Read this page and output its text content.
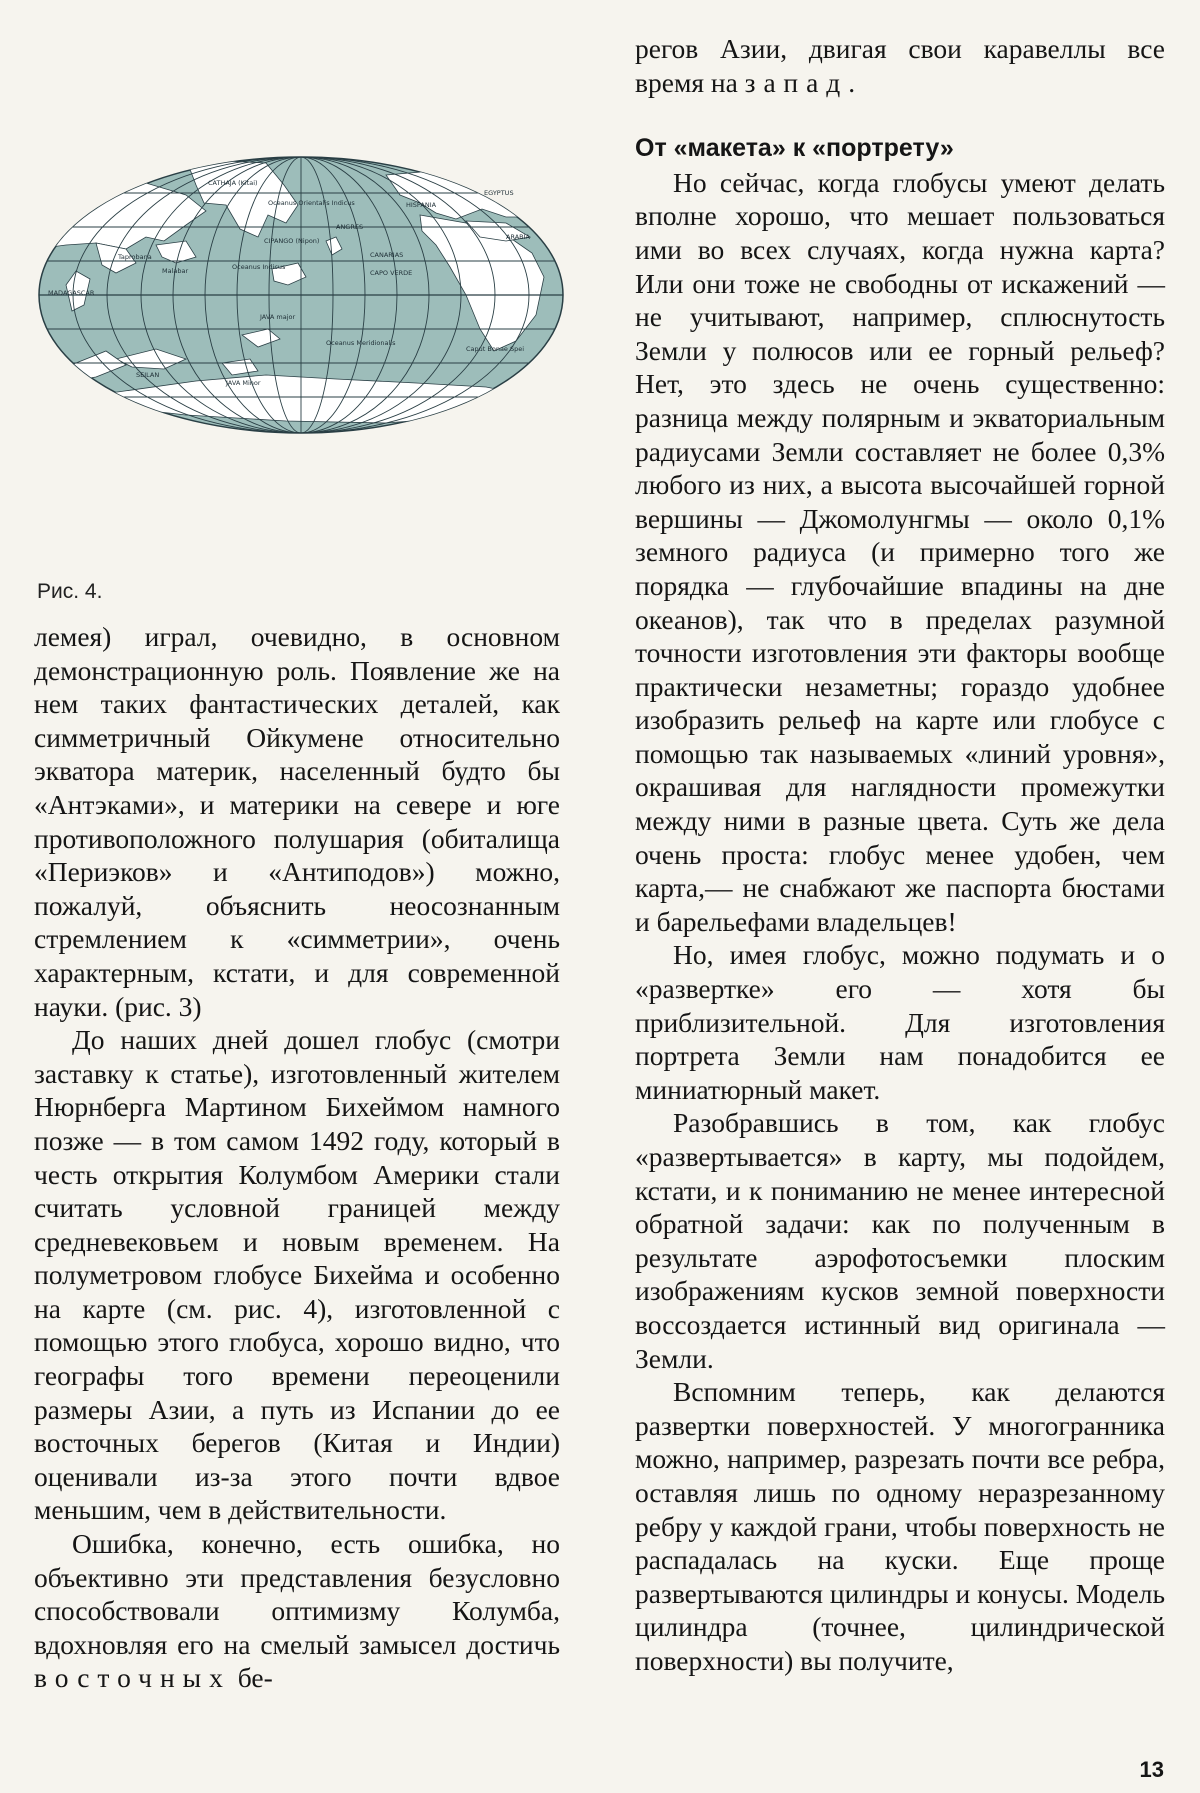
CATHAJA (Kitai)
Oceanus Orientalis Indicus
ANGRES
HISPANIA
EGYPTUS
ARABIA
CIPANGO (Nipon)
CANARIAS
Taprobana
Malabar	Oceanus Indicus
CAPO VERDE
MADAGASCAR
JAVA major
Oceanus Meridionalis
SEILAN
JAVA Minor
Caput Bonae Spei
Рис. 4.

лемея) играл, очевидно, в основном демонстрационную роль. Появление же на нем таких фантастических деталей, как симметричный Ойкумене относительно экватора материк, населенный будто бы «Антэками», и материки на севере и юге противоположного полушария (обиталища «Периэков» и «Антиподов») можно, пожалуй, объяснить неосознанным стремлением к «симметрии», очень характерным, кстати, и для современной науки. (рис. 3)

До наших дней дошел глобус (смотри заставку к статье), изготовленный жителем Нюрнберга Мартином Бихеймом намного позже — в том самом 1492 году, который в честь открытия Колумбом Америки стали считать условной границей между средневековьем и новым временем. На полуметровом глобусе Бихейма и особенно на карте (см. рис. 4), изготовленной с помощью этого глобуса, хорошо видно, что географы того времени переоценили размеры Азии, а путь из Испании до ее восточных берегов (Китая и Индии) оценивали из-за этого почти вдвое меньшим, чем в действительности.

Ошибка, конечно, есть ошибка, но объективно эти представления безусловно способствовали оптимизму Колумба, вдохновляя его на смелый замысел достичь восточных бе-

регов Азии, двигая свои каравеллы все время на запад.

От «макета» к «портрету»

Но сейчас, когда глобусы умеют делать вполне хорошо, что мешает пользоваться ими во всех случаях, когда нужна карта? Или они тоже не свободны от искажений — не учитывают, например, сплюснутость Земли у полюсов или ее горный рельеф? Нет, это здесь не очень существенно: разница между полярным и экваториальным радиусами Земли составляет не более 0,3% любого из них, а высота высочайшей горной вершины — Джомолунгмы — около 0,1% земного радиуса (и примерно того же порядка — глубочайшие впадины на дне океанов), так что в пределах разумной точности изготовления эти факторы вообще практически незаметны; гораздо удобнее изобразить рельеф на карте или глобусе с помощью так называемых «линий уровня», окрашивая для наглядности промежутки между ними в разные цвета. Суть же дела очень проста: глобус менее удобен, чем карта,— не снабжают же паспорта бюстами и барельефами владельцев!

Но, имея глобус, можно подумать и о «развертке» его — хотя бы приблизительной. Для изготовления портрета Земли нам понадобится ее миниатюрный макет.

Разобравшись в том, как глобус «развертывается» в карту, мы подойдем, кстати, и к пониманию не менее интересной обратной задачи: как по полученным в результате аэрофотосъемки плоским изображениям кусков земной поверхности воссоздается истинный вид оригинала — Земли.

Вспомним теперь, как делаются развертки поверхностей. У многогранника можно, например, разрезать почти все ребра, оставляя лишь по одному неразрезанному ребру у каждой грани, чтобы поверхность не распадалась на куски. Еще проще развертываются цилиндры и конусы. Модель цилиндра (точнее, цилиндрической поверхности) вы получите,

13
